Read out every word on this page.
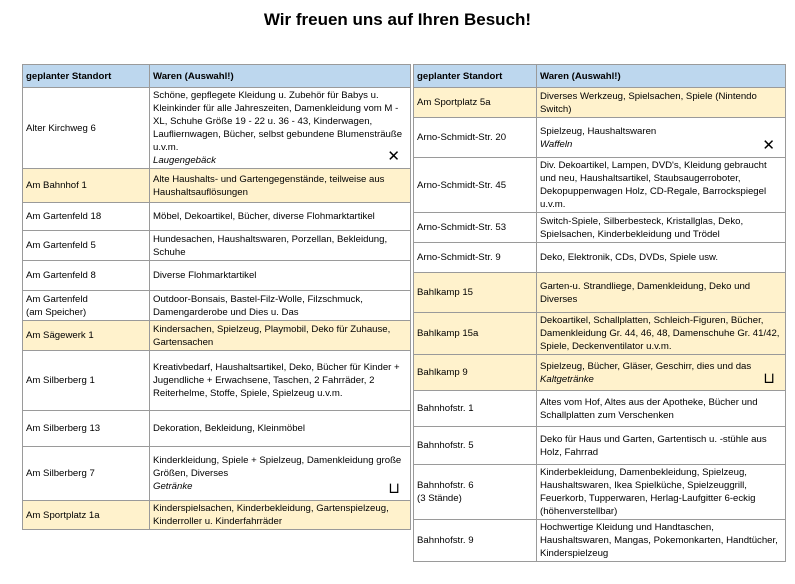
Wir freuen uns auf Ihren Besuch!
geplanter Standort	Waren (Auswahl!)
Alter Kirchweg 6	Schöne, gepflegete Kleidung u. Zubehör für Babys u. Kleinkinder für alle Jahreszeiten, Damenkleidung vom M - XL, Schuhe Größe 19 - 22 u. 36 - 43, Kinderwagen, Laufliernwagen, Bücher, selbst gebundene Blumensträuße u.v.m.
Laugengebäck ✕

Am Bahnhof 1	Alte Haushalts- und Gartengegenstände, teilweise aus Haushaltsauflösungen
Am Gartenfeld 18	Möbel, Dekoartikel, Bücher, diverse Flohmarktartikel
Am Gartenfeld 5	Hundesachen, Haushaltswaren, Porzellan, Bekleidung, Schuhe
Am Gartenfeld 8	Diverse Flohmarktartikel
Am Gartenfeld
(am Speicher)	Outdoor-Bonsais, Bastel-Filz-Wolle, Filzschmuck, Damengarderobe und Dies u. Das
Am Sägewerk 1	Kindersachen, Spielzeug, Playmobil, Deko für Zuhause, Gartensachen
Am Silberberg 1	Kreativbedarf, Haushaltsartikel, Deko, Bücher für Kinder + Jugendliche + Erwachsene, Taschen, 2 Fahrräder, 2 Reiterhelme, Stoffe, Spiele, Spielzeug u.v.m.
Am Silberberg 13	Dekoration, Bekleidung, Kleinmöbel
Am Silberberg 7	Kinderkleidung, Spiele + Spielzeug, Damenkleidung große Größen, Diverses
Getränke ⊔

Am Sportplatz 1a	Kinderspielsachen, Kinderbekleidung, Gartenspielzeug, Kinderroller u. Kinderfahrräder
geplanter Standort	Waren (Auswahl!)
Am Sportplatz 5a	Diverses Werkzeug, Spielsachen, Spiele (Nintendo Switch)
Arno-Schmidt-Str. 20	Spielzeug, Haushaltswaren
Waffeln ✕

Arno-Schmidt-Str. 45	Div. Dekoartikel, Lampen, DVD's, Kleidung gebraucht und neu, Haushaltsartikel, Staubsaugerroboter, Dekopuppenwagen Holz, CD-Regale, Barrockspiegel u.v.m.
Arno-Schmidt-Str. 53	Switch-Spiele, Silberbesteck, Kristallglas, Deko, Spielsachen, Kinderbekleidung und Trödel
Arno-Schmidt-Str. 9	Deko, Elektronik, CDs, DVDs, Spiele usw.
Bahlkamp 15	Garten-u. Strandliege, Damenkleidung, Deko und Diverses
Bahlkamp 15a	Dekoartikel, Schallplatten, Schleich-Figuren, Bücher, Damenkleidung Gr. 44, 46, 48, Damenschuhe Gr. 41/42, Spiele, Deckenventilator u.v.m.
Bahlkamp 9	Spielzeug, Bücher, Gläser, Geschirr, dies und das
Kaltgetränke ⊔

Bahnhofstr. 1	Altes vom Hof, Altes aus der Apotheke, Bücher und Schallplatten zum Verschenken
Bahnhofstr. 5	Deko für Haus und Garten, Gartentisch u. -stühle aus Holz, Fahrrad
Bahnhofstr. 6
(3 Stände)	Kinderbekleidung, Damenbekleidung, Spielzeug, Haushaltswaren, Ikea Spielküche, Spielzeuggrill, Feuerkorb, Tupperwaren, Herlag-Laufgitter 6-eckig (höhenverstellbar)
Bahnhofstr. 9	Hochwertige Kleidung und Handtaschen, Haushaltswaren, Mangas, Pokemonkarten, Handtücher, Kinderspielzeug
